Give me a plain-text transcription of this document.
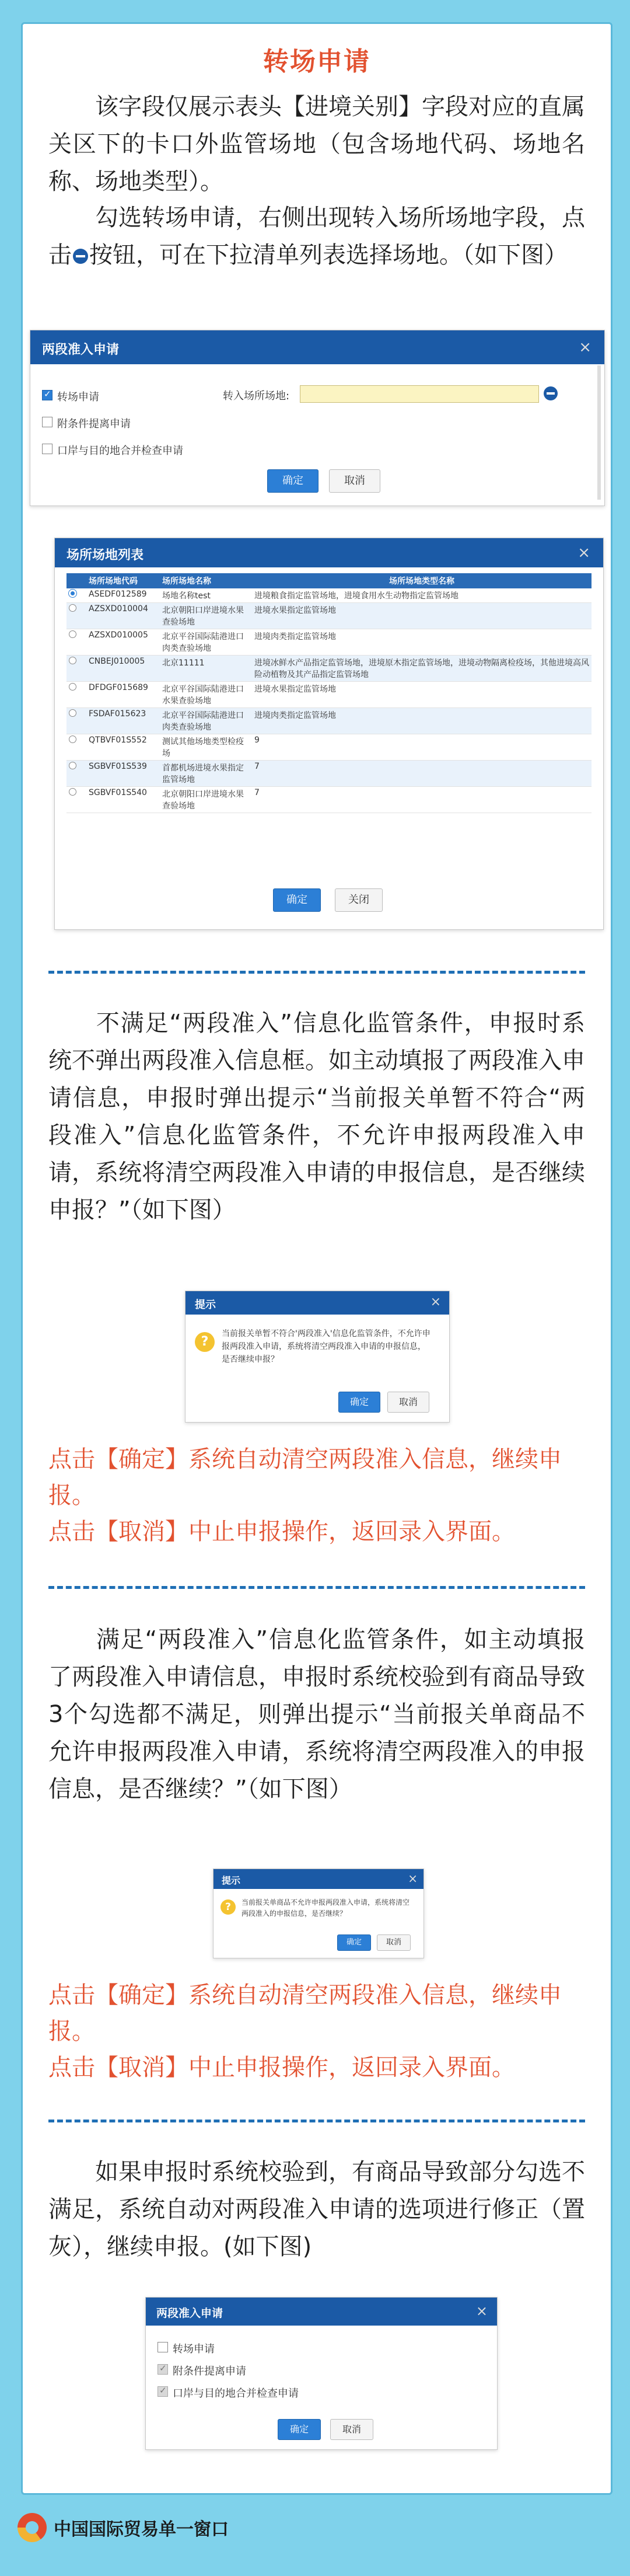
转场申请
该字段仅展示表头【进境关别】字段对应的直属关区下的卡口外监管场地（包含场地代码、场地名称、场地类型）。
勾选转场申请，右侧出现转入场所场地字段，点击 按钮，可在下拉清单列表选择场地。（如下图）
两段准入申请	×
✓
转场申请
附条件提离申请
口岸与目的地合并检查申请
转入场所场地:
确定	取消
场所场地列表	×
	场所场地代码	场所场地名称	场所场地类型名称
	ASEDF012589	场地名称test	进境粮食指定监管场地，进境食用水生动物指定监管场地
	AZSXD010004	北京朝阳口岸进境水果查验场地	进境水果指定监管场地
	AZSXD010005	北京平谷国际陆港进口肉类查验场地	进境肉类指定监管场地
	CNBEJ010005	北京11111	进境冰鲜水产品指定监管场地，进境原木指定监管场地，进境动物隔离检疫场，其他进境高风险动植物及其产品指定监管场地
	DFDGF015689	北京平谷国际陆港进口水果查验场地	进境水果指定监管场地
	FSDAF015623	北京平谷国际陆港进口肉类查验场地	进境肉类指定监管场地
	QTBVF01S552	测试其他场地类型检疫场	9
	SGBVF01S539	首都机场进境水果指定监管场地	7
	SGBVF01S540	北京朝阳口岸进境水果查验场地	7
确定	关闭
不满足“两段准入”信息化监管条件，申报时系统不弹出两段准入信息框。如主动填报了两段准入申请信息，申报时弹出提示“当前报关单暂不符合“两段准入”信息化监管条件，不允许申报两段准入申请，系统将清空两段准入申请的申报信息，是否继续申报？”（如下图）
提示	×
?
当前报关单暂不符合'两段准入'信息化监管条件，不允许申报两段准入申请，系统将清空两段准入申请的申报信息，是否继续申报？
确定	取消
点击【确定】系统自动清空两段准入信息，继续申报。
点击【取消】中止申报操作，返回录入界面。
满足“两段准入”信息化监管条件，如主动填报了两段准入申请信息，申报时系统校验到有商品导致3个勾选都不满足，则弹出提示“当前报关单商品不允许申报两段准入申请，系统将清空两段准入的申报信息，是否继续？”（如下图）
提示	×
?	当前报关单商品不允许申报两段准入申请，系统将清空两段准入的申报信息，是否继续？
确定	取消
点击【确定】系统自动清空两段准入信息，继续申报。
点击【取消】中止申报操作，返回录入界面。
如果申报时系统校验到，有商品导致部分勾选不满足，系统自动对两段准入申请的选项进行修正（置灰），继续申报。(如下图)
两段准入申请	×
转场申请
✓
附条件提离申请
✓
口岸与目的地合并检查申请
确定	取消
中国国际贸易单一窗口
